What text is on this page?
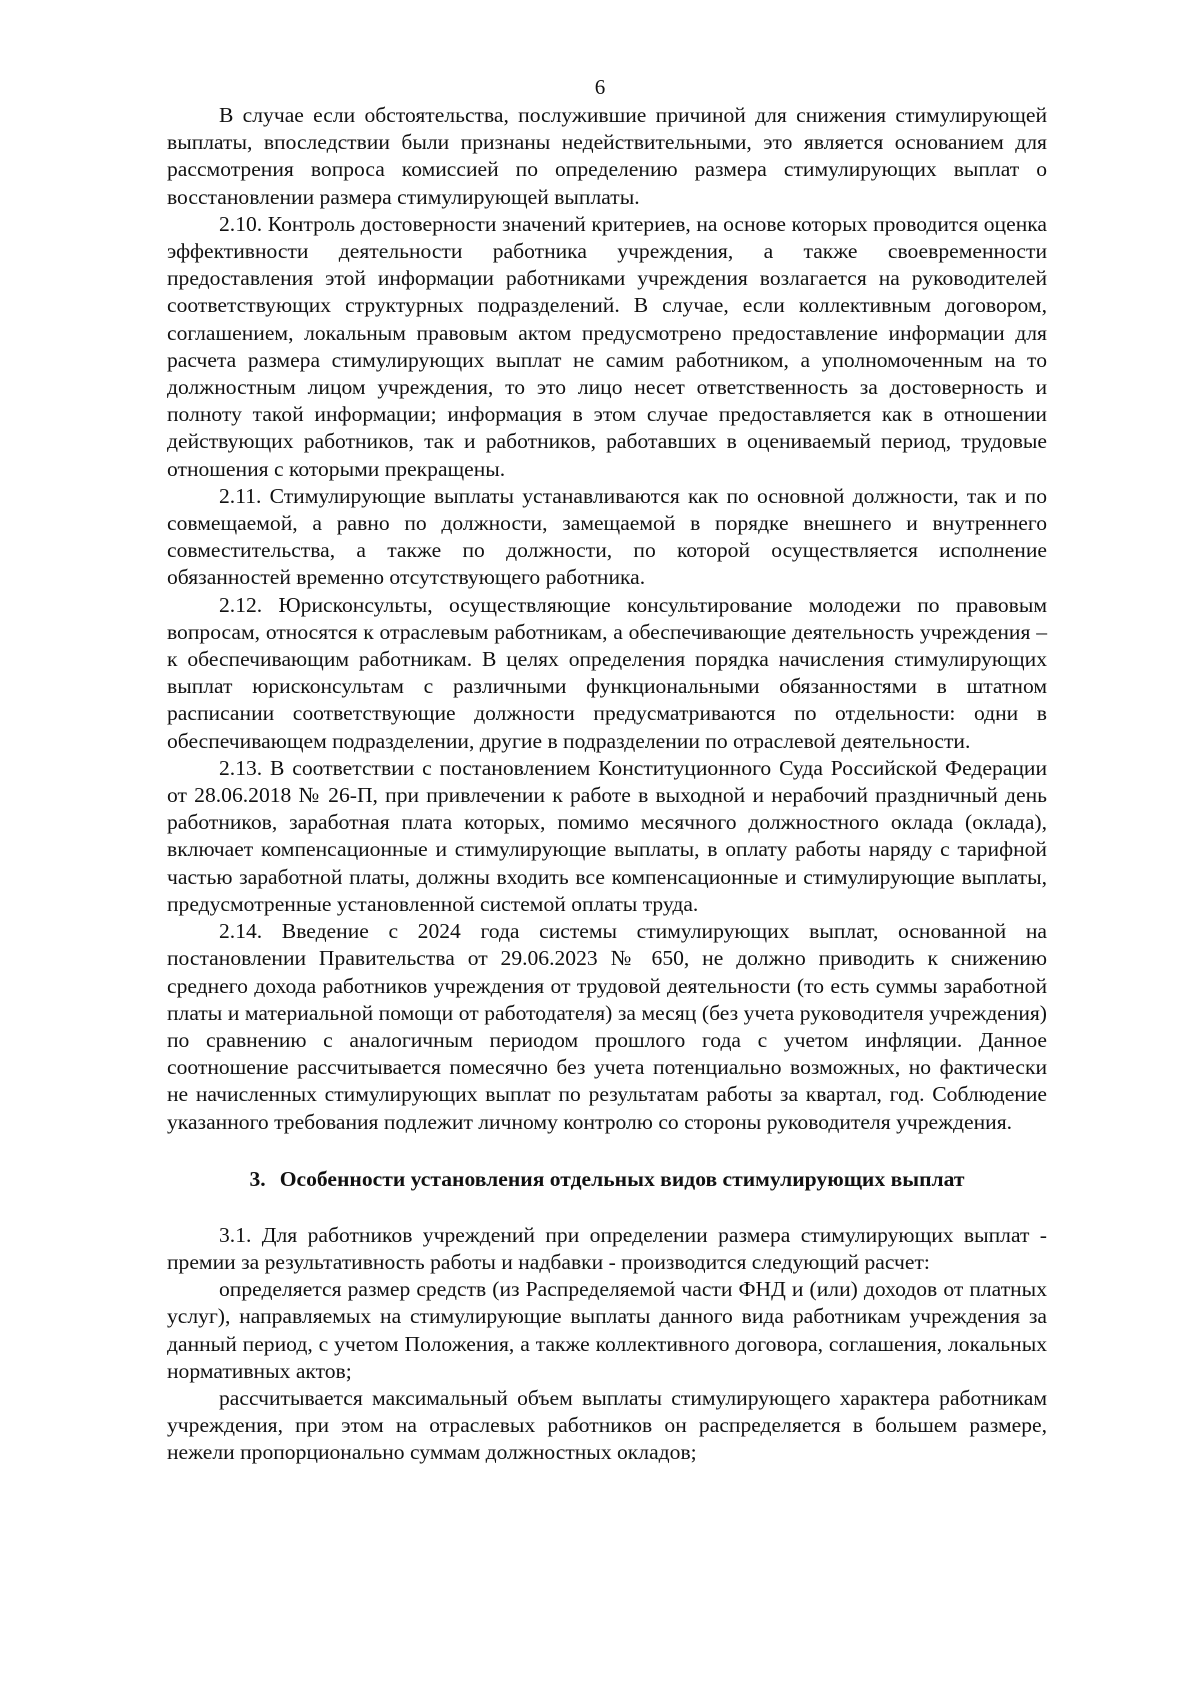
6

В случае если обстоятельства, послужившие причиной для снижения стимулирующей выплаты, впоследствии были признаны недействительными, это является основанием для рассмотрения вопроса комиссией по определению размера стимулирующих выплат о восстановлении размера стимулирующей выплаты.

2.10. Контроль достоверности значений критериев, на основе которых проводится оценка эффективности деятельности работника учреждения, а также своевременности предоставления этой информации работниками учреждения возлагается на руководителей соответствующих структурных подразделений. В случае, если коллективным договором, соглашением, локальным правовым актом предусмотрено предоставление информации для расчета размера стимулирующих выплат не самим работником, а уполномоченным на то должностным лицом учреждения, то это лицо несет ответственность за достоверность и полноту такой информации; информация в этом случае предоставляется как в отношении действующих работников, так и работников, работавших в оцениваемый период, трудовые отношения с которыми прекращены.

2.11. Стимулирующие выплаты устанавливаются как по основной должности, так и по совмещаемой, а равно по должности, замещаемой в порядке внешнего и внутреннего совместительства, а также по должности, по которой осуществляется исполнение обязанностей временно отсутствующего работника.

2.12. Юрисконсульты, осуществляющие консультирование молодежи по правовым вопросам, относятся к отраслевым работникам, а обеспечивающие деятельность учреждения – к обеспечивающим работникам. В целях определения порядка начисления стимулирующих выплат юрисконсультам с различными функциональными обязанностями в штатном расписании соответствующие должности предусматриваются по отдельности: одни в обеспечивающем подразделении, другие в подразделении по отраслевой деятельности.

2.13. В соответствии с постановлением Конституционного Суда Российской Федерации от 28.06.2018 № 26-П, при привлечении к работе в выходной и нерабочий праздничный день работников, заработная плата которых, помимо месячного должностного оклада (оклада), включает компенсационные и стимулирующие выплаты, в оплату работы наряду с тарифной частью заработной платы, должны входить все компенсационные и стимулирующие выплаты, предусмотренные установленной системой оплаты труда.

2.14. Введение с 2024 года системы стимулирующих выплат, основанной на постановлении Правительства от 29.06.2023 № 650, не должно приводить к снижению среднего дохода работников учреждения от трудовой деятельности (то есть суммы заработной платы и материальной помощи от работодателя) за месяц (без учета руководителя учреждения) по сравнению с аналогичным периодом прошлого года с учетом инфляции. Данное соотношение рассчитывается помесячно без учета потенциально возможных, но фактически не начисленных стимулирующих выплат по результатам работы за квартал, год. Соблюдение указанного требования подлежит личному контролю со стороны руководителя учреждения.

3. Особенности установления отдельных видов стимулирующих выплат

3.1. Для работников учреждений при определении размера стимулирующих выплат - премии за результативность работы и надбавки - производится следующий расчет:

определяется размер средств (из Распределяемой части ФНД и (или) доходов от платных услуг), направляемых на стимулирующие выплаты данного вида работникам учреждения за данный период, с учетом Положения, а также коллективного договора, соглашения, локальных нормативных актов;

рассчитывается максимальный объем выплаты стимулирующего характера работникам учреждения, при этом на отраслевых работников он распределяется в большем размере, нежели пропорционально суммам должностных окладов;
